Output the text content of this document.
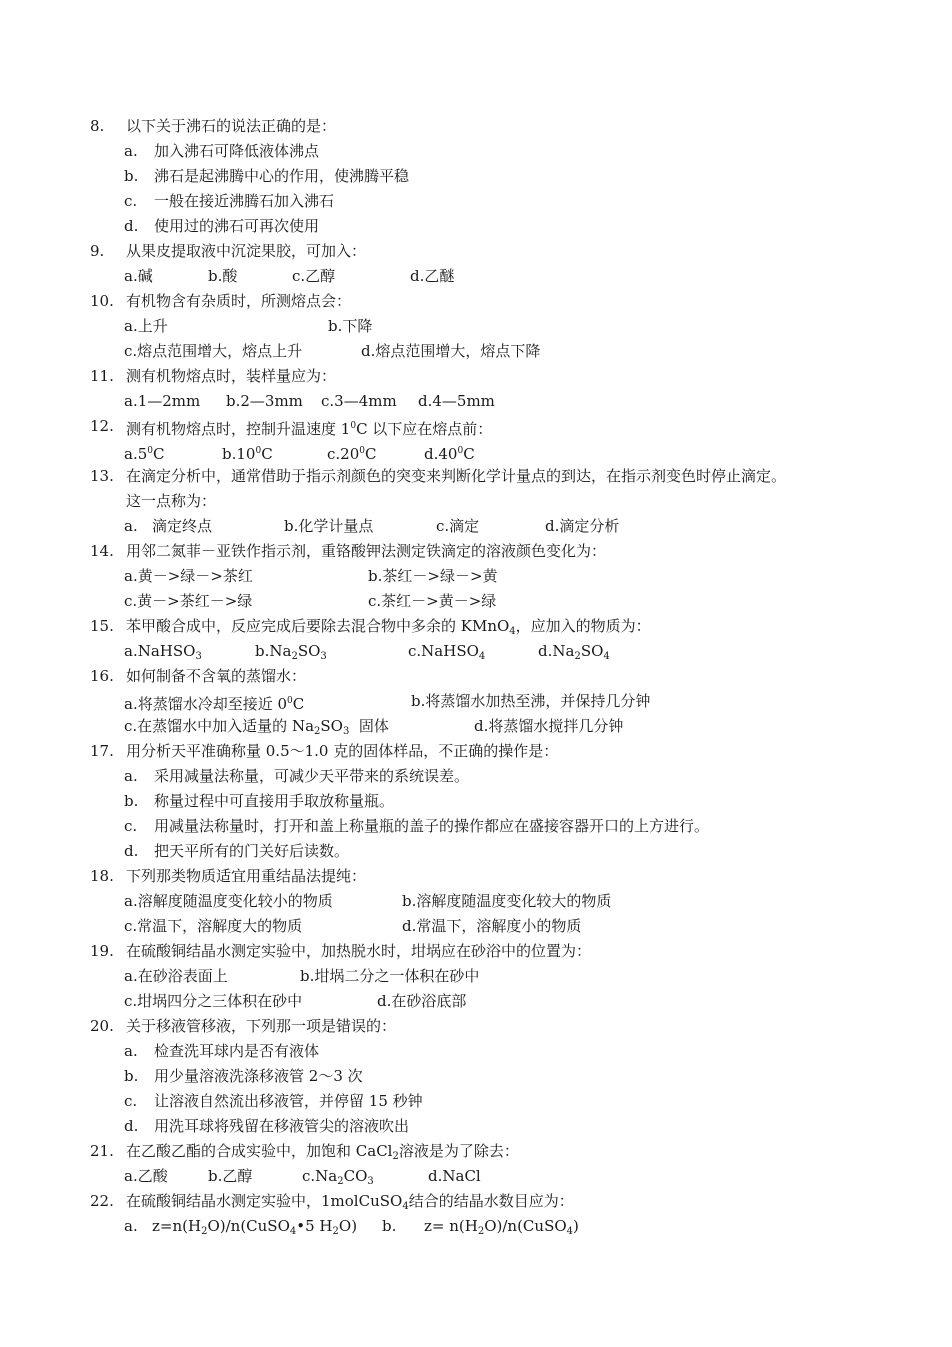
8. 以下关于沸石的说法正确的是：
a. 加入沸石可降低液体沸点
b. 沸石是起沸腾中心的作用，使沸腾平稳
c. 一般在接近沸腾石加入沸石
d. 使用过的沸石可再次使用
9. 从果皮提取液中沉淀果胶，可加入：
a.碱	b.酸	c.乙醇	d.乙醚
10. 有机物含有杂质时，所测熔点会：
a.上升	b.下降
c.熔点范围增大，熔点上升	d.熔点范围增大，熔点下降
11. 测有机物熔点时，装样量应为：
a.1—2mm b.2—3mm c.3—4mm d.4—5mm
12. 测有机物熔点时，控制升温速度 $1^0C$ 以下应在熔点前：
$a.5^0C$	$b.10^0C$	$c.20^0C$	$d.40^0C$
13. 在滴定分析中，通常借助于指示剂颜色的突变来判断化学计量点的到达，在指示剂变色时停止滴定。
这一点称为：
a. 滴定终点	b.化学计量点	c.滴定	d.滴定分析
14. 用邻二氮菲－亚铁作指示剂，重铬酸钾法测定铁滴定的溶液颜色变化为：
a.黄－>绿－>茶红	b.茶红－>绿－>黄
c.黄－>茶红－>绿	c.茶红－>黄－>绿
15. 苯甲酸合成中，反应完成后要除去混合物中多余的 KMnO$_4$，应加入的物质为：
a.NaHSO$_3$	$b.Na_2SO_3$	c.NaHSO$_4$	$d.Na_2SO_4$
16. 如何制备不含氧的蒸馏水：
a.将蒸馏水冷却至接近 $0^0C$	b.将蒸馏水加热至沸，并保持几分钟
c.在蒸馏水中加入适量的 $Na_2SO_3$  固体	d.将蒸馏水搅拌几分钟
17. 用分析天平准确称量 0.5～1.0 克的固体样品，不正确的操作是：
a. 采用减量法称量，可减少天平带来的系统误差。
b. 称量过程中可直接用手取放称量瓶。
c. 用减量法称量时，打开和盖上称量瓶的盖子的操作都应在盛接容器开口的上方进行。
d. 把天平所有的门关好后读数。
18. 下列那类物质适宜用重结晶法提纯：
a.溶解度随温度变化较小的物质	b.溶解度随温度变化较大的物质
c.常温下，溶解度大的物质	d.常温下，溶解度小的物质
19. 在硫酸铜结晶水测定实验中，加热脱水时，坩埚应在砂浴中的位置为：
a.在砂浴表面上	b.坩埚二分之一体积在砂中
c.坩埚四分之三体积在砂中	d.在砂浴底部
20. 关于移液管移液，下列那一项是错误的：
a. 检查洗耳球内是否有液体
b. 用少量溶液洗涤移液管 2～3 次
c. 让溶液自然流出移液管，并停留 15 秒钟
d. 用洗耳球将残留在移液管尖的溶液吹出
21. 在乙酸乙酯的合成实验中，加饱和 CaCl$_2$溶液是为了除去：
a.乙酸	b.乙醇	$c.Na_2CO_3$	d.NaCl
22. 在硫酸铜结晶水测定实验中，1molCuSO$_4$结合的结晶水数目应为：
a. $z=n(H_2O)/n(CuSO_4•5$ $H_2O$) b. $z= n(H_2O)/n(CuSO_4)$
